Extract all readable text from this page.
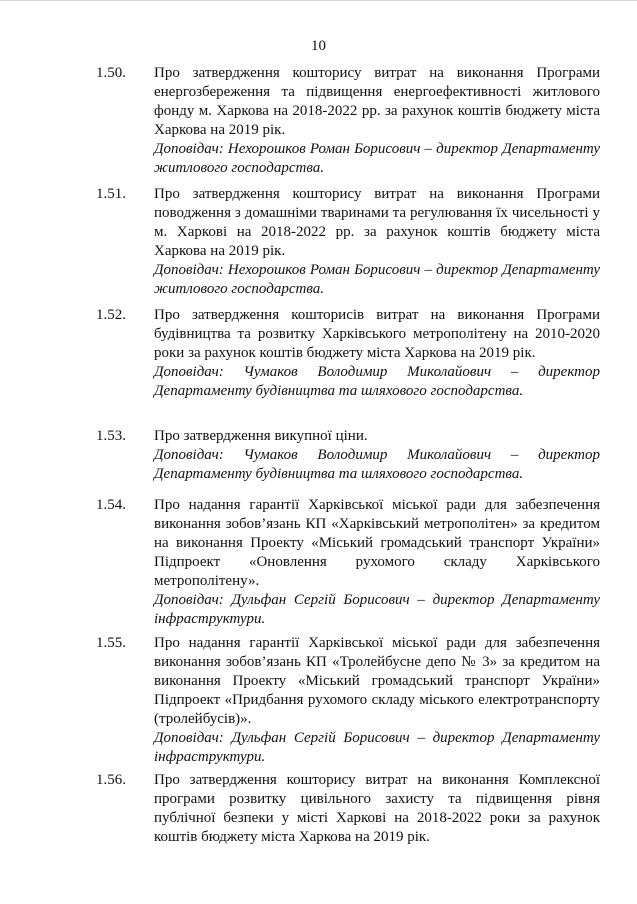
10
1.50. Про затвердження кошторису витрат на виконання Програми енергозбереження та підвищення енергоефективності житлового фонду м. Харкова на 2018-2022 рр. за рахунок коштів бюджету міста Харкова на 2019 рік.

Доповідач: Нехорошков Роман Борисович – директор Департаменту житлового господарства.

1.51. Про затвердження кошторису витрат на виконання Програми поводження з домашніми тваринами та регулювання їх чисельності у м. Харкові на 2018-2022 рр. за рахунок коштів бюджету міста Харкова на 2019 рік.

Доповідач: Нехорошков Роман Борисович – директор Департаменту житлового господарства.

1.52. Про затвердження кошторисів витрат на виконання Програми будівництва та розвитку Харківського метрополітену на 2010-2020 роки за рахунок коштів бюджету міста Харкова на 2019 рік.

Доповідач: Чумаков Володимир Миколайович – директор Департаменту будівництва та шляхового господарства.

1.53. Про затвердження викупної ціни.

Доповідач: Чумаков Володимир Миколайович – директор Департаменту будівництва та шляхового господарства.

1.54. Про надання гарантії Харківської міської ради для забезпечення виконання зобов’язань КП «Харківський метрополітен» за кредитом на виконання Проекту «Міський громадський транспорт України» Підпроект «Оновлення рухомого складу Харківського метрополітену».

Доповідач: Дульфан Сергій Борисович – директор Департаменту інфраструктури.

1.55. Про надання гарантії Харківської міської ради для забезпечення виконання зобов’язань КП «Тролейбусне депо № 3» за кредитом на виконання Проекту «Міський громадський транспорт України» Підпроект «Придбання рухомого складу міського електротранспорту (тролейбусів)».

Доповідач: Дульфан Сергій Борисович – директор Департаменту інфраструктури.

1.56. Про затвердження кошторису витрат на виконання Комплексної програми розвитку цивільного захисту та підвищення рівня публічної безпеки у місті Харкові на 2018-2022 роки за рахунок коштів бюджету міста Харкова на 2019 рік.
